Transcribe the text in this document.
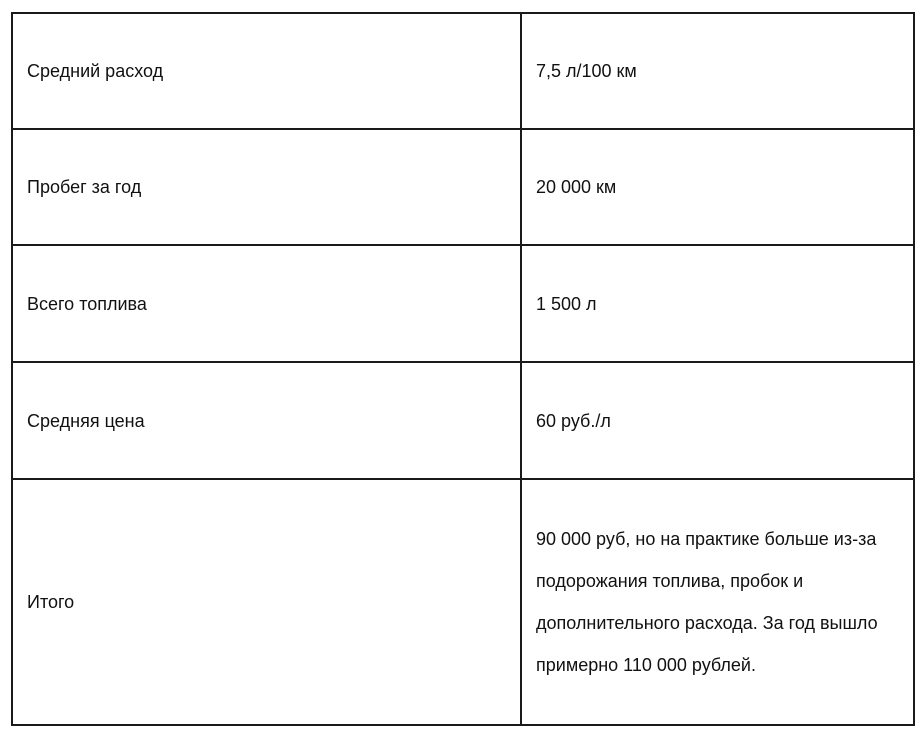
Средний расход	7,5 л/100 км
Пробег за год	20 000 км
Всего топлива	1 500 л
Средняя цена	60 руб./л
Итого	90 000 руб, но на практике больше из-за подорожания топлива, пробок и дополнительного расхода. За год вышло примерно 110 000 рублей.
